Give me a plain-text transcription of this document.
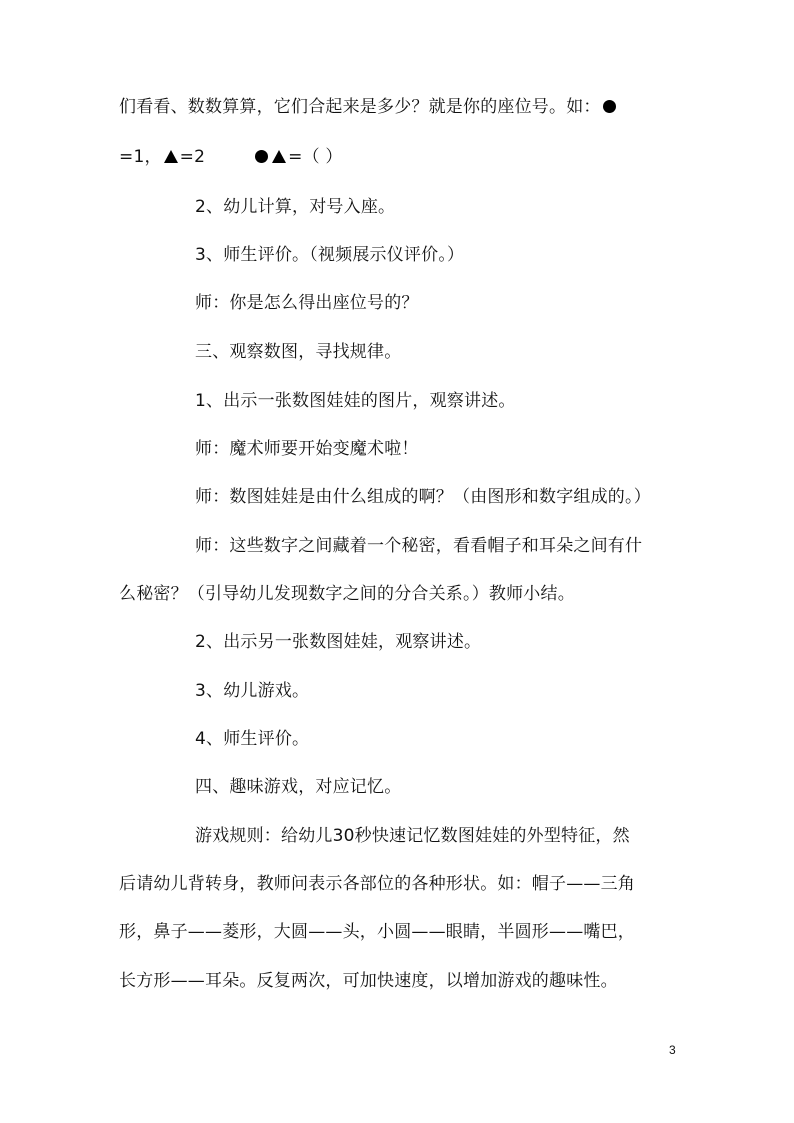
们看看、数数算算，它们合起来是多少？就是你的座位号。如：
=1， =2	=（ ）
2、幼儿计算，对号入座。
3、师生评价。（视频展示仪评价。）
师：你是怎么得出座位号的？
三、观察数图，寻找规律。
1、出示一张数图娃娃的图片，观察讲述。
师：魔术师要开始变魔术啦！
师：数图娃娃是由什么组成的啊？（由图形和数字组成的。）
师：这些数字之间藏着一个秘密，看看帽子和耳朵之间有什
么秘密？（引导幼儿发现数字之间的分合关系。）教师小结。
2、出示另一张数图娃娃，观察讲述。
3、幼儿游戏。
4、师生评价。
四、趣味游戏，对应记忆。
游戏规则：给幼儿30秒快速记忆数图娃娃的外型特征，然
后请幼儿背转身，教师问表示各部位的各种形状。如：帽子——三角
形，鼻子——菱形，大圆——头，小圆——眼睛，半圆形——嘴巴，
长方形——耳朵。反复两次，可加快速度，以增加游戏的趣味性。
3
